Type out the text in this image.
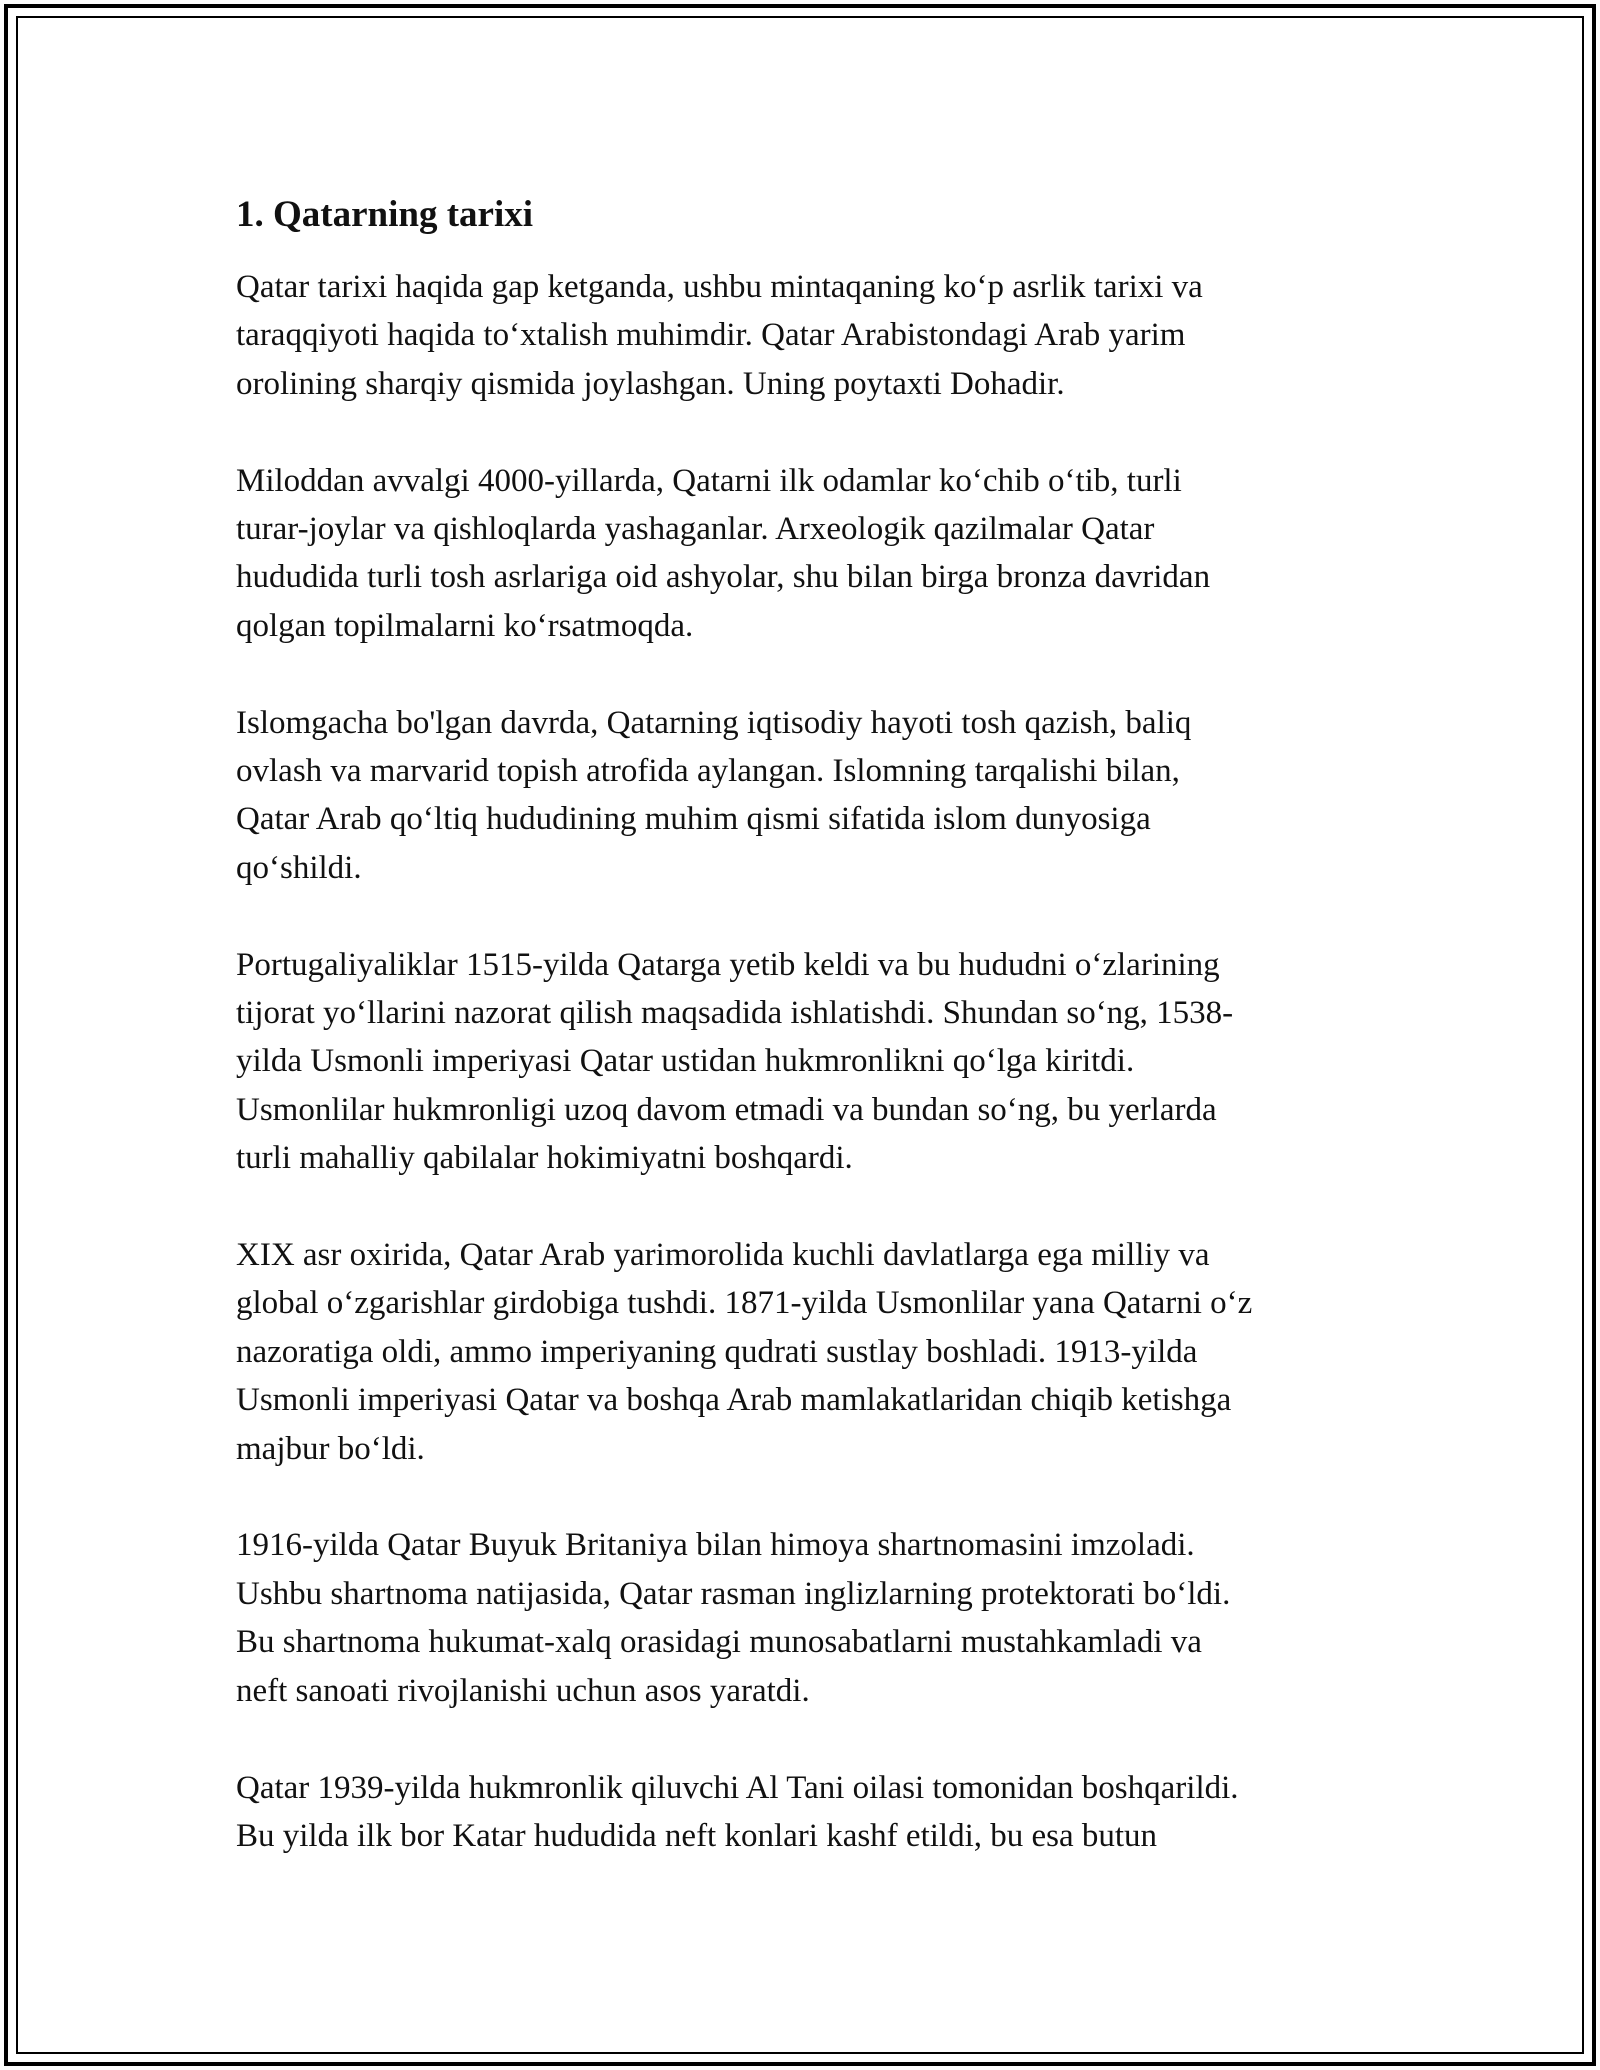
1. Qatarning tarixi

Qatar tarixi haqida gap ketganda, ushbu mintaqaning koʻp asrlik tarixi va
taraqqiyoti haqida toʻxtalish muhimdir. Qatar Arabistondagi Arab yarim
orolining sharqiy qismida joylashgan. Uning poytaxti Dohadir.

Miloddan avvalgi 4000-yillarda, Qatarni ilk odamlar koʻchib oʻtib, turli
turar-joylar va qishloqlarda yashaganlar. Arxeologik qazilmalar Qatar
hududida turli tosh asrlariga oid ashyolar, shu bilan birga bronza davridan
qolgan topilmalarni koʻrsatmoqda.

Islomgacha bo'lgan davrda, Qatarning iqtisodiy hayoti tosh qazish, baliq
ovlash va marvarid topish atrofida aylangan. Islomning tarqalishi bilan,
Qatar Arab qoʻltiq hududining muhim qismi sifatida islom dunyosiga
qoʻshildi.

Portugaliyaliklar 1515-yilda Qatarga yetib keldi va bu hududni oʻzlarining
tijorat yoʻllarini nazorat qilish maqsadida ishlatishdi. Shundan soʻng, 1538-
yilda Usmonli imperiyasi Qatar ustidan hukmronlikni qoʻlga kiritdi.
Usmonlilar hukmronligi uzoq davom etmadi va bundan soʻng, bu yerlarda
turli mahalliy qabilalar hokimiyatni boshqardi.

XIX asr oxirida, Qatar Arab yarimorolida kuchli davlatlarga ega milliy va
global oʻzgarishlar girdobiga tushdi. 1871-yilda Usmonlilar yana Qatarni oʻz
nazoratiga oldi, ammo imperiyaning qudrati sustlay boshladi. 1913-yilda
Usmonli imperiyasi Qatar va boshqa Arab mamlakatlaridan chiqib ketishga
majbur boʻldi.

1916-yilda Qatar Buyuk Britaniya bilan himoya shartnomasini imzoladi.
Ushbu shartnoma natijasida, Qatar rasman inglizlarning protektorati boʻldi.
Bu shartnoma hukumat-xalq orasidagi munosabatlarni mustahkamladi va
neft sanoati rivojlanishi uchun asos yaratdi.

Qatar 1939-yilda hukmronlik qiluvchi Al Tani oilasi tomonidan boshqarildi.
Bu yilda ilk bor Katar hududida neft konlari kashf etildi, bu esa butun
